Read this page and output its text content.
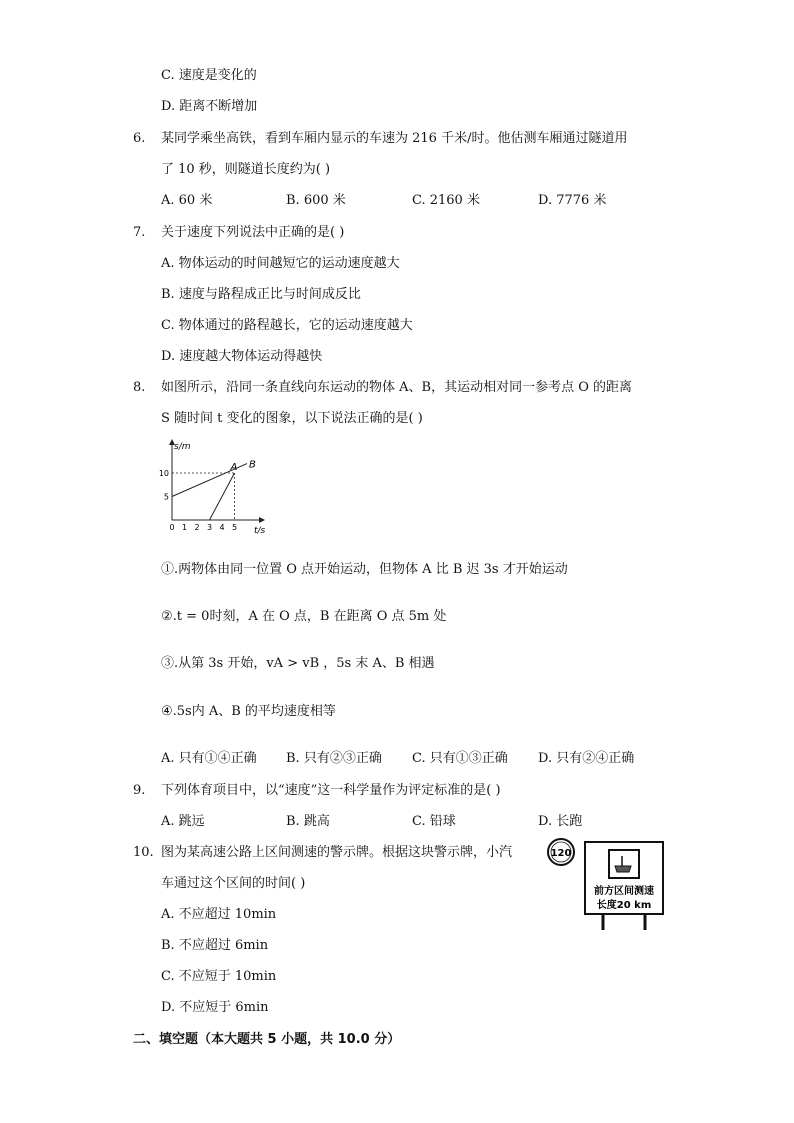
C. 速度是变化的
D. 距离不断增加
6. 某同学乘坐高铁，看到车厢内显示的车速为 216 千米/时。他估测车厢通过隧道用
了 10 秒，则隧道长度约为( )
A. 60 米	B. 600 米	C. 2160 米	D. 7776 米
7. 关于速度下列说法中正确的是( )
A. 物体运动的时间越短它的运动速度越大
B. 速度与路程成正比与时间成反比
C. 物体通过的路程越长，它的运动速度越大
D. 速度越大物体运动得越快
8. 如图所示，沿同一条直线向东运动的物体 A、B，其运动相对同一参考点 O 的距离
S 随时间 t 变化的图象，以下说法正确的是( )
A B
s/m
t/s
0 1 2 3 4 5
5
10
①.两物体由同一位置 O 点开始运动，但物体 A 比 B 迟 3s 才开始运动
②.t = 0时刻，A 在 O 点，B 在距离 O 点 5m 处
③.从第 3s 开始，vA > vB ，5s 末 A、B 相遇
④.5s内 A、B 的平均速度相等
A. 只有①④正确 B. 只有②③正确 C. 只有①③正确 D. 只有②④正确
9. 下列体育项目中，以“速度”这一科学量作为评定标准的是( )
A. 跳远	B. 跳高	C. 铅球	D. 长跑
10. 图为某高速公路上区间测速的警示牌。根据这块警示牌，小汽
车通过这个区间的时间( )
A. 不应超过 10min
B. 不应超过 6min
C. 不应短于 10min
D. 不应短于 6min
120
前方区间测速
长度20 km
二、填空题（本大题共 5 小题，共 10.0 分）
